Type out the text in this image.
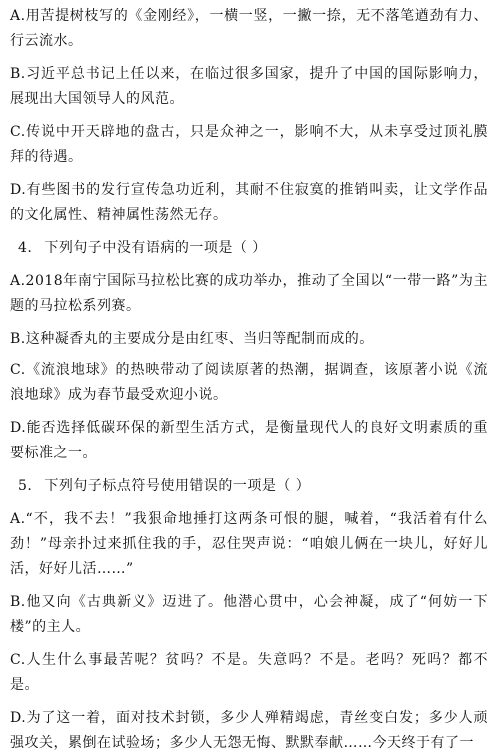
A.用苦提树枝写的《金刚经》，一横一竖，一撇一捺，无不落笔遒劲有力、行云流水。

B.习近平总书记上任以来，在临过很多国家，提升了中国的国际影响力，展现出大国领导人的风范。

C.传说中开天辟地的盘古，只是众神之一，影响不大，从未享受过顶礼膜拜的待遇。

D.有些图书的发行宣传急功近利，其耐不住寂寞的推销叫卖，让文学作品的文化属性、精神属性荡然无存。

4. 下列句子中没有语病的一项是（ ）

A.2018年南宁国际马拉松比赛的成功举办，推动了全国以“一带一路”为主题的马拉松系列赛。

B.这种凝香丸的主要成分是由红枣、当归等配制而成的。

C.《流浪地球》的热映带动了阅读原著的热潮，据调查，该原著小说《流浪地球》成为春节最受欢迎小说。

D.能否选择低碳环保的新型生活方式，是衡量现代人的良好文明素质的重要标准之一。

5. 下列句子标点符号使用错误的一项是（ ）

A.“不，我不去！”我狠命地捶打这两条可恨的腿，喊着，“我活着有什么劲！”母亲扑过来抓住我的手，忍住哭声说：“咱娘儿俩在一块儿，好好儿活，好好儿活……”

B.他又向《古典新义》迈进了。他潜心贯中，心会神凝，成了“何妨一下楼”的主人。

C.人生什么事最苦呢？贫吗？不是。失意吗？不是。老吗？死吗？都不是。

D.为了这一着，面对技术封锁，多少人殚精竭虑，青丝变白发；多少人顽强攻关，累倒在试验场；多少人无怨无悔、默默奉献……今天终于有了一
